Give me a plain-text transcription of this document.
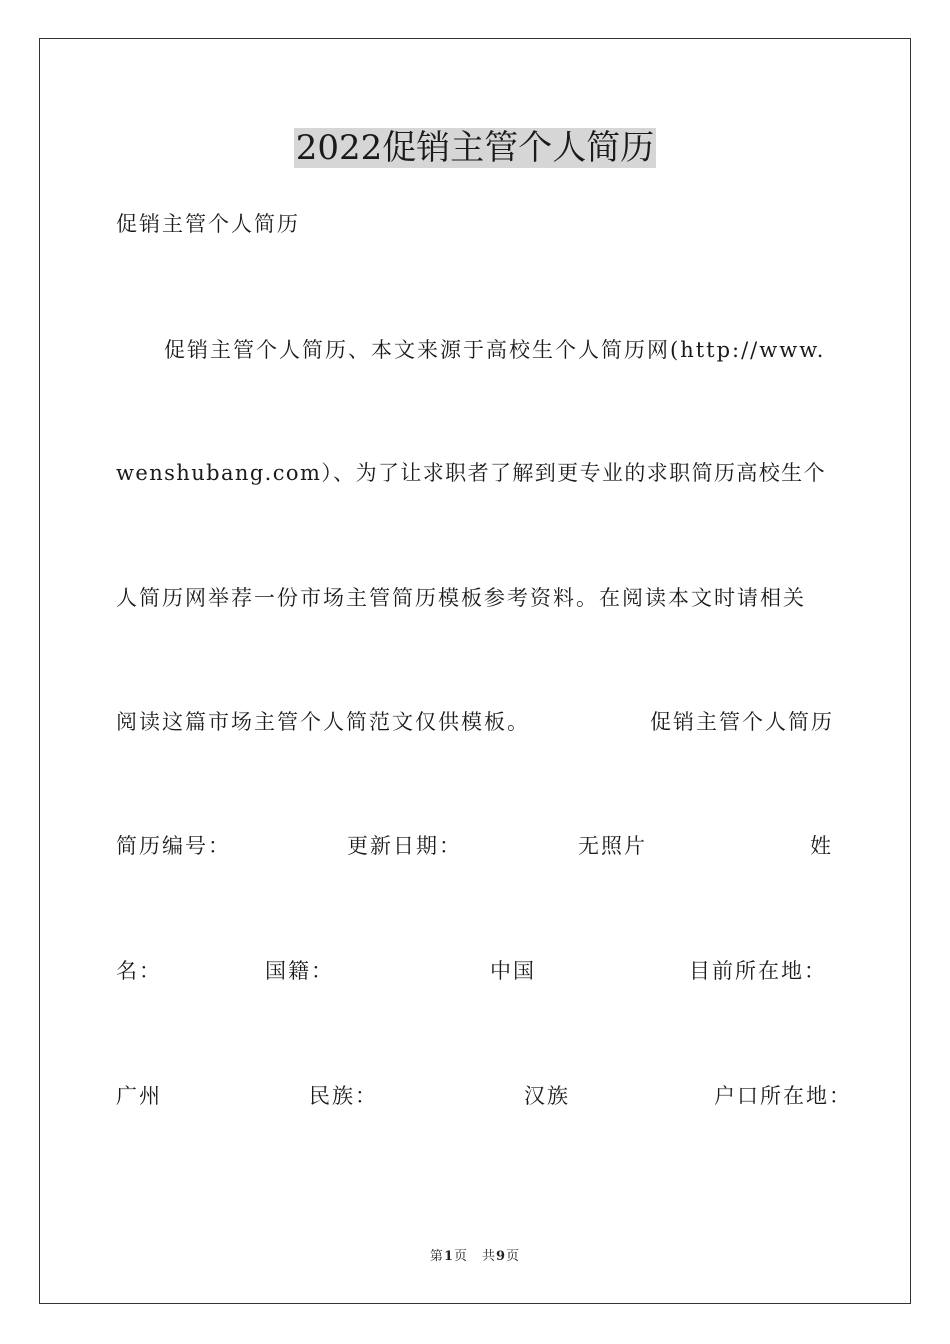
2022促销主管个人简历
促销主管个人简历
促销主管个人简历、本文来源于高校生个人简历网(http://www.
wenshubang.com）、为了让求职者了解到更专业的求职简历高校生个
人简历网举荐一份市场主管简历模板参考资料。在阅读本文时请相关
阅读这篇市场主管个人简范文仅供模板。	促销主管个人简历
简历编号：	更新日期：	无照片	姓
名：	国籍：	中国	目前所在地：
广州	民族：	汉族	户口所在地：
第1页　共9页
